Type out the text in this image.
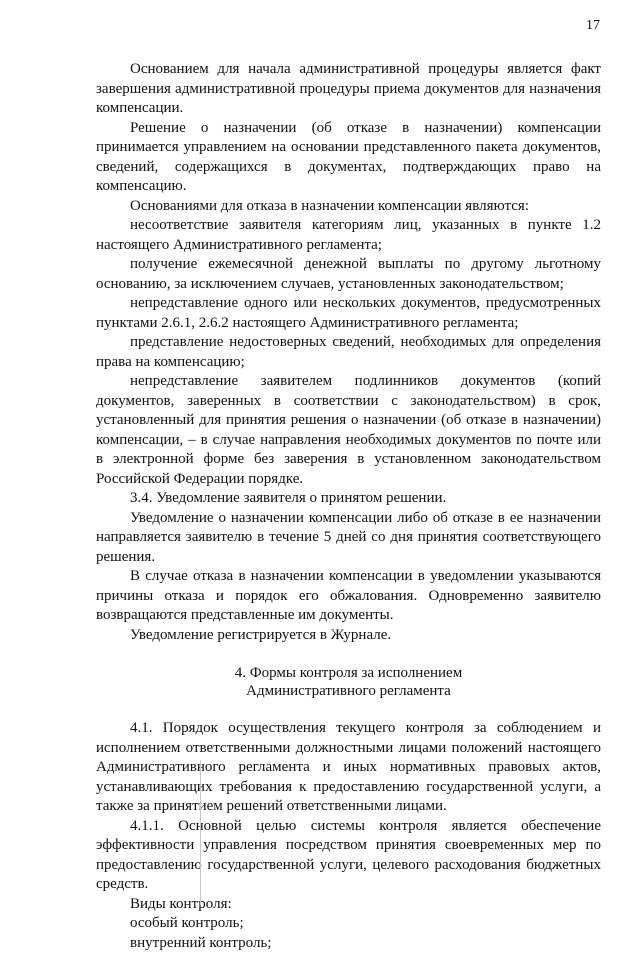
17

Основанием для начала административной процедуры является факт завершения административной процедуры приема документов для назначения компенсации.

Решение о назначении (об отказе в назначении) компенсации принимается управлением на основании представленного пакета документов, сведений, содержащихся в документах, подтверждающих право на компенсацию.

Основаниями для отказа в назначении компенсации являются:

несоответствие заявителя категориям лиц, указанных в пункте 1.2 настоящего Административного регламента;

получение ежемесячной денежной выплаты по другому льготному основанию, за исключением случаев, установленных законодательством;

непредставление одного или нескольких документов, предусмотренных пунктами 2.6.1, 2.6.2 настоящего Административного регламента;

представление недостоверных сведений, необходимых для определения права на компенсацию;

непредставление заявителем подлинников документов (копий документов, заверенных в соответствии с законодательством) в срок, установленный для принятия решения о назначении (об отказе в назначении) компенсации, – в случае направления необходимых документов по почте или в электронной форме без заверения в установленном законодательством Российской Федерации порядке.

3.4. Уведомление заявителя о принятом решении.

Уведомление о назначении компенсации либо об отказе в ее назначении направляется заявителю в течение 5 дней со дня принятия соответствующего решения.

В случае отказа в назначении компенсации в уведомлении указываются причины отказа и порядок его обжалования. Одновременно заявителю возвращаются представленные им документы.

Уведомление регистрируется в Журнале.

4. Формы контроля за исполнением
Административного регламента

4.1. Порядок осуществления текущего контроля за соблюдением и исполнением ответственными должностными лицами положений настоящего Административного регламента и иных нормативных правовых актов, устанавливающих требования к предоставлению государственной услуги, а также за принятием решений ответственными лицами.

4.1.1. Основной целью системы контроля является обеспечение эффективности управления посредством принятия своевременных мер по предоставлению государственной услуги, целевого расходования бюджетных средств.

Виды контроля:

особый контроль;

внутренний контроль;
